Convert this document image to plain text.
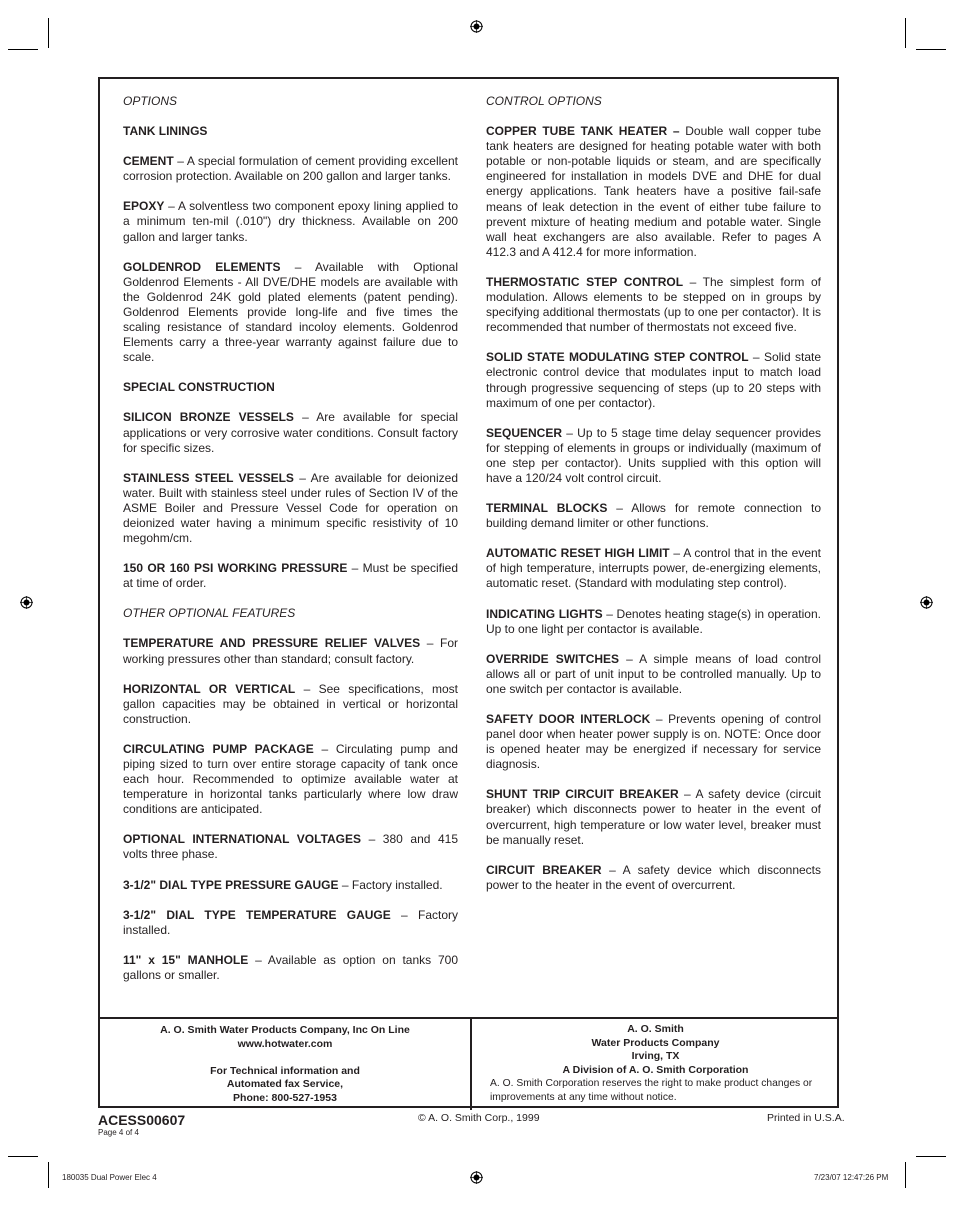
OPTIONS

TANK LININGS

CEMENT – A special formulation of cement providing excellent corrosion protection. Available on 200 gallon and larger tanks.

EPOXY – A solventless two component epoxy lining applied to a minimum ten-mil (.010") dry thickness. Available on 200 gallon and larger tanks.

GOLDENROD ELEMENTS – Available with Optional Goldenrod Elements - All DVE/DHE models are available with the Goldenrod 24K gold plated elements (patent pending). Goldenrod Elements provide long-life and five times the scaling resistance of standard incoloy elements. Goldenrod Elements carry a three-year warranty against failure due to scale.

SPECIAL CONSTRUCTION

SILICON BRONZE VESSELS – Are available for special applications or very corrosive water conditions. Consult factory for specific sizes.

STAINLESS STEEL VESSELS – Are available for deionized water. Built with stainless steel under rules of Section IV of the ASME Boiler and Pressure Vessel Code for operation on deionized water having a minimum specific resistivity of 10 megohm/cm.

150 OR 160 PSI WORKING PRESSURE – Must be specified at time of order.

OTHER OPTIONAL FEATURES

TEMPERATURE AND PRESSURE RELIEF VALVES – For working pressures other than standard; consult factory.

HORIZONTAL OR VERTICAL – See specifications, most gallon capacities may be obtained in vertical or horizontal construction.

CIRCULATING PUMP PACKAGE – Circulating pump and piping sized to turn over entire storage capacity of tank once each hour. Recommended to optimize available water at temperature in horizontal tanks particularly where low draw conditions are anticipated.

OPTIONAL INTERNATIONAL VOLTAGES – 380 and 415 volts three phase.

3-1/2" DIAL TYPE PRESSURE GAUGE – Factory installed.

3-1/2" DIAL TYPE TEMPERATURE GAUGE – Factory installed.

11" x 15" MANHOLE – Available as option on tanks 700 gallons or smaller.

CONTROL OPTIONS

COPPER TUBE TANK HEATER – Double wall copper tube tank heaters are designed for heating potable water with both potable or non-potable liquids or steam, and are specifically engineered for installation in models DVE and DHE for dual energy applications. Tank heaters have a positive fail-safe means of leak detection in the event of either tube failure to prevent mixture of heating medium and potable water. Single wall heat exchangers are also available. Refer to pages A 412.3 and A 412.4 for more information.

THERMOSTATIC STEP CONTROL – The simplest form of modulation. Allows elements to be stepped on in groups by specifying additional thermostats (up to one per contactor). It is recommended that number of thermostats not exceed five.

SOLID STATE MODULATING STEP CONTROL – Solid state electronic control device that modulates input to match load through progressive sequencing of steps (up to 20 steps with maximum of one per contactor).

SEQUENCER – Up to 5 stage time delay sequencer provides for stepping of elements in groups or individually (maximum of one step per contactor). Units supplied with this option will have a 120/24 volt control circuit.

TERMINAL BLOCKS – Allows for remote connection to building demand limiter or other functions.

AUTOMATIC RESET HIGH LIMIT – A control that in the event of high temperature, interrupts power, de-energizing elements, automatic reset. (Standard with modulating step control).

INDICATING LIGHTS – Denotes heating stage(s) in operation. Up to one light per contactor is available.

OVERRIDE SWITCHES – A simple means of load control allows all or part of unit input to be controlled manually. Up to one switch per contactor is available.

SAFETY DOOR INTERLOCK – Prevents opening of control panel door when heater power supply is on. NOTE: Once door is opened heater may be energized if necessary for service diagnosis.

SHUNT TRIP CIRCUIT BREAKER – A safety device (circuit breaker) which disconnects power to heater in the event of overcurrent, high temperature or low water level, breaker must be manually reset.

CIRCUIT BREAKER – A safety device which disconnects power to the heater in the event of overcurrent.

A. O. Smith Water Products Company, Inc On Line
www.hotwater.com
For Technical information and
Automated fax Service,
Phone: 800-527-1953
A. O. Smith
Water Products Company
Irving, TX
A Division of A. O. Smith Corporation
A. O. Smith Corporation reserves the right to make product changes or improvements at any time without notice.
ACESS00607
Page 4 of 4
© A. O. Smith Corp., 1999	Printed in U.S.A.
180035 Dual Power Elec 4	7/23/07 12:47:26 PM
